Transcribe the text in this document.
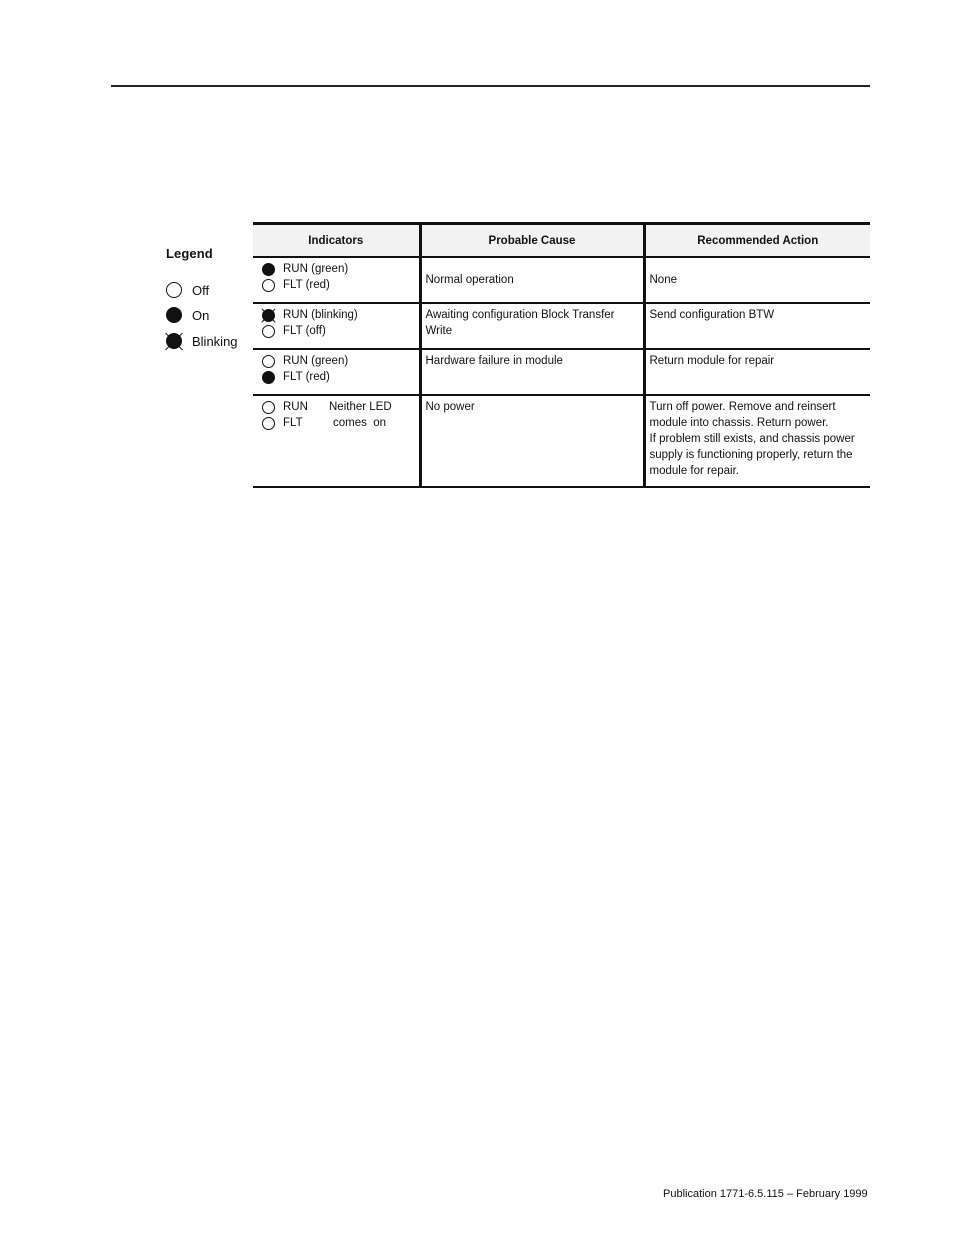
Legend
Off
On
Blinking
Indicators	Probable Cause	Recommended Action

RUN (green)
FLT (red)	Normal operation	None

RUN (blinking)
FLT (off)	Awaiting configuration Block Transfer Write	Send configuration BTW

RUN (green)
FLT (red)	Hardware failure in module	Return module for repair

RUN Neither LED
FLT comes  on	No power	Turn off power. Remove and reinsert
module into chassis. Return power.
If problem still exists, and chassis power
supply is functioning properly, return the
module for repair.
Publication 1771-6.5.115 – February 1999
